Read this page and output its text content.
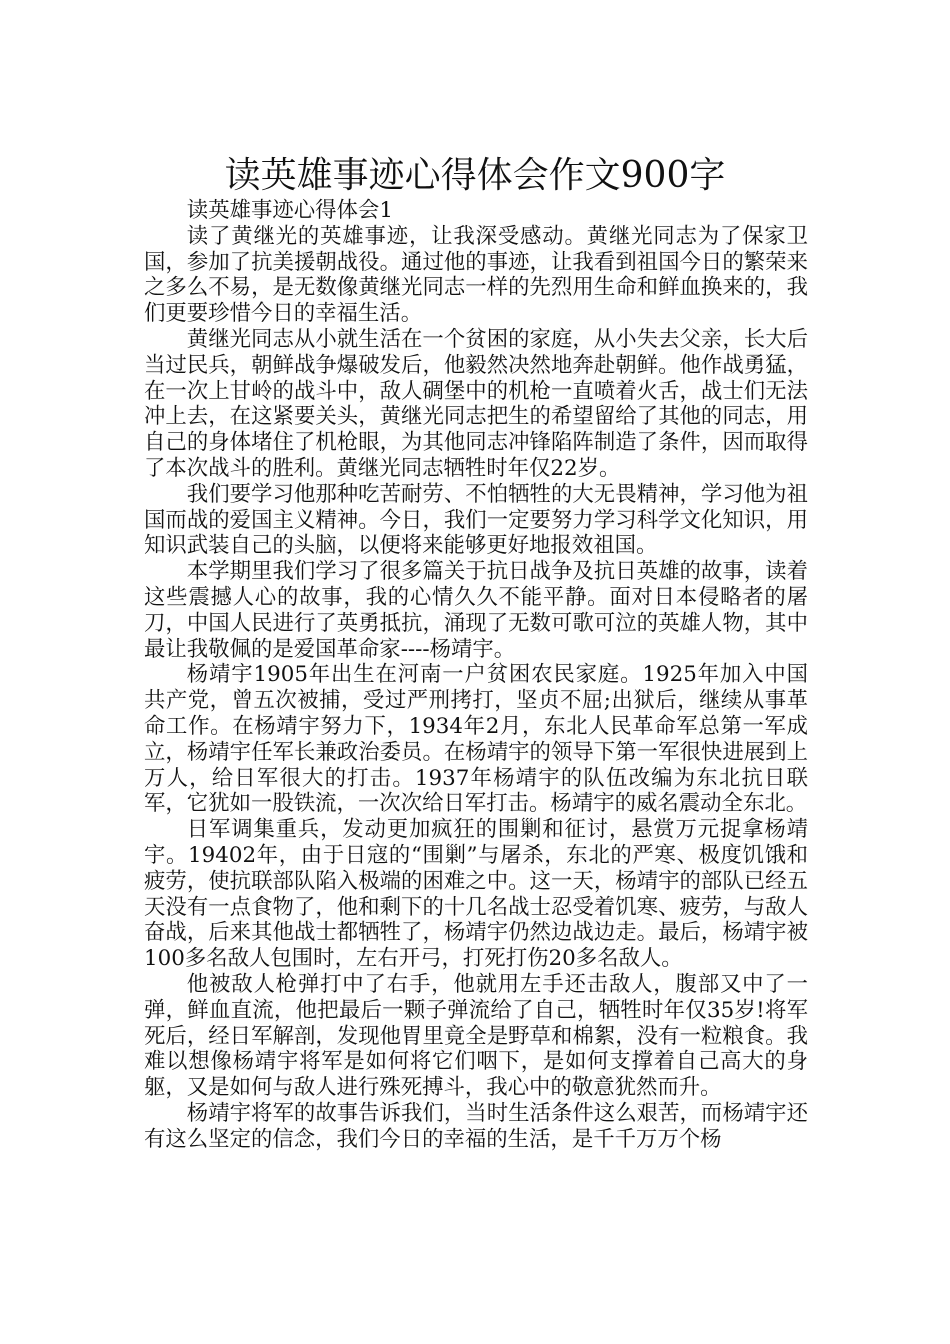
读英雄事迹心得体会作文900字

读英雄事迹心得体会1

读了黄继光的英雄事迹，让我深受感动。黄继光同志为了保家卫国，参加了抗美援朝战役。通过他的事迹，让我看到祖国今日的繁荣来之多么不易，是无数像黄继光同志一样的先烈用生命和鲜血换来的，我们更要珍惜今日的幸福生活。

黄继光同志从小就生活在一个贫困的家庭，从小失去父亲，长大后当过民兵，朝鲜战争爆破发后，他毅然决然地奔赴朝鲜。他作战勇猛，在一次上甘岭的战斗中，敌人碉堡中的机枪一直喷着火舌，战士们无法冲上去，在这紧要关头，黄继光同志把生的希望留给了其他的同志，用自己的身体堵住了机枪眼，为其他同志冲锋陷阵制造了条件，因而取得了本次战斗的胜利。黄继光同志牺牲时年仅22岁。

我们要学习他那种吃苦耐劳、不怕牺牲的大无畏精神，学习他为祖国而战的爱国主义精神。今日，我们一定要努力学习科学文化知识，用知识武装自己的头脑，以便将来能够更好地报效祖国。

本学期里我们学习了很多篇关于抗日战争及抗日英雄的故事，读着这些震撼人心的故事，我的心情久久不能平静。面对日本侵略者的屠刀，中国人民进行了英勇抵抗，涌现了无数可歌可泣的英雄人物，其中最让我敬佩的是爱国革命家----杨靖宇。

杨靖宇1905年出生在河南一户贫困农民家庭。1925年加入中国共产党，曾五次被捕，受过严刑拷打，坚贞不屈;出狱后，继续从事革命工作。在杨靖宇努力下，1934年2月，东北人民革命军总第一军成立，杨靖宇任军长兼政治委员。在杨靖宇的领导下第一军很快进展到上万人，给日军很大的打击。1937年杨靖宇的队伍改编为东北抗日联军，它犹如一股铁流，一次次给日军打击。杨靖宇的威名震动全东北。

日军调集重兵，发动更加疯狂的围剿和征讨，悬赏万元捉拿杨靖宇。19402年，由于日寇的“围剿”与屠杀，东北的严寒、极度饥饿和疲劳，使抗联部队陷入极端的困难之中。这一天，杨靖宇的部队已经五天没有一点食物了，他和剩下的十几名战士忍受着饥寒、疲劳，与敌人奋战，后来其他战士都牺牲了，杨靖宇仍然边战边走。最后，杨靖宇被100多名敌人包围时，左右开弓，打死打伤20多名敌人。

他被敌人枪弹打中了右手，他就用左手还击敌人，腹部又中了一弹，鲜血直流，他把最后一颗子弹流给了自己，牺牲时年仅35岁!将军死后，经日军解剖，发现他胃里竟全是野草和棉絮，没有一粒粮食。我难以想像杨靖宇将军是如何将它们咽下，是如何支撑着自己高大的身躯，又是如何与敌人进行殊死搏斗，我心中的敬意犹然而升。

杨靖宇将军的故事告诉我们，当时生活条件这么艰苦，而杨靖宇还有这么坚定的信念，我们今日的幸福的生活，是千千万万个杨
